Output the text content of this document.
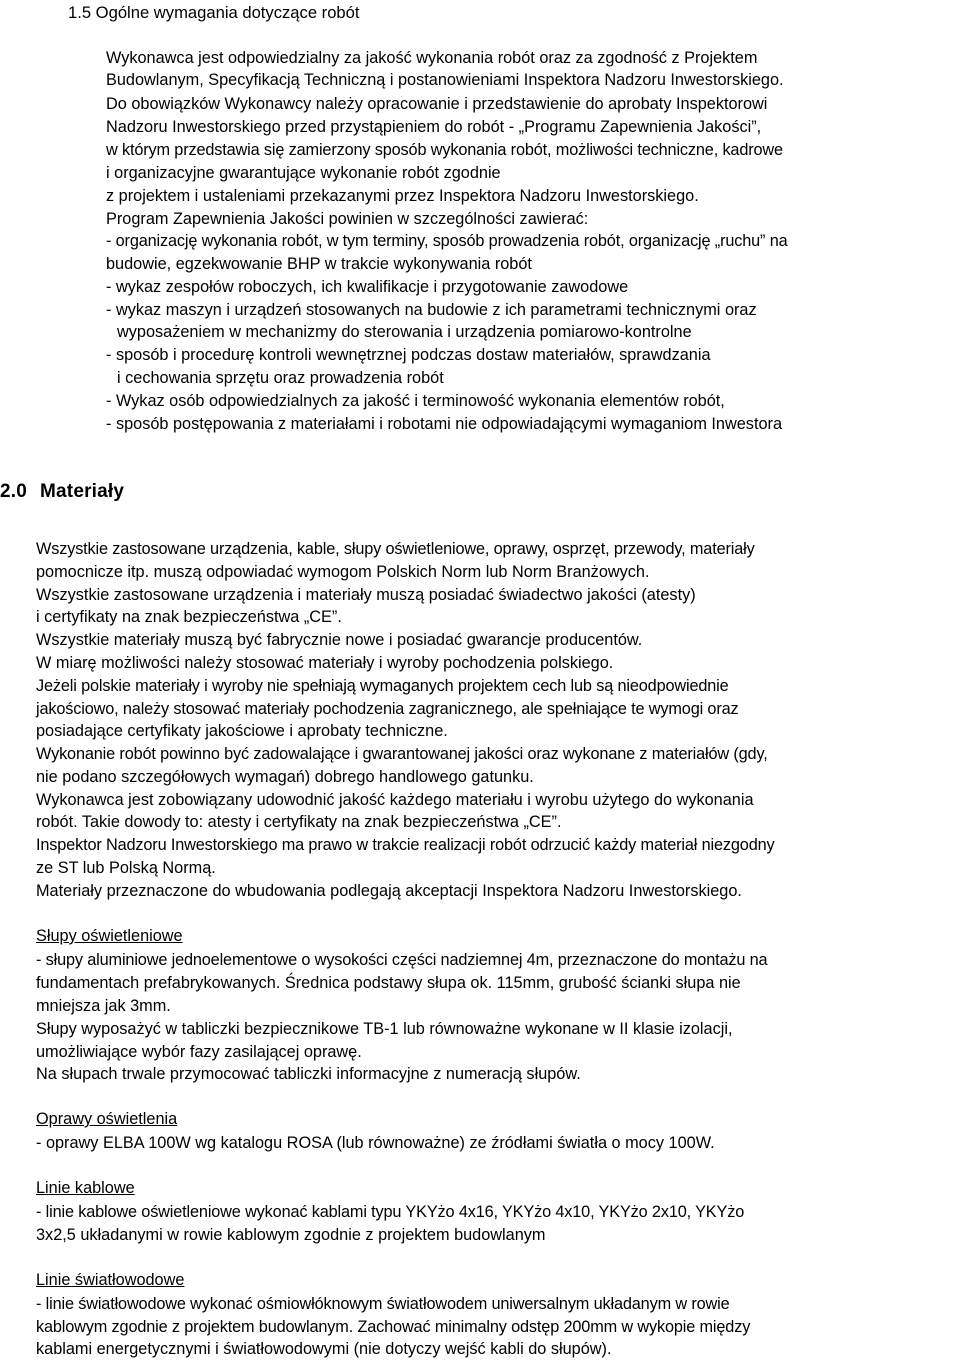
1.5 Ogólne wymagania dotyczące robót
Wykonawca jest odpowiedzialny za jakość wykonania robót oraz za zgodność z Projektem
Budowlanym, Specyfikacją Techniczną i postanowieniami Inspektora Nadzoru Inwestorskiego.
Do obowiązków Wykonawcy należy opracowanie i przedstawienie do aprobaty Inspektorowi
Nadzoru Inwestorskiego przed przystąpieniem do robót - „Programu Zapewnienia Jakości”,
w którym przedstawia się zamierzony sposób wykonania robót, możliwości techniczne, kadrowe
i organizacyjne gwarantujące wykonanie robót zgodnie
z projektem i ustaleniami przekazanymi przez Inspektora Nadzoru Inwestorskiego.
Program Zapewnienia Jakości powinien w szczególności zawierać:
- organizację wykonania robót, w tym terminy, sposób prowadzenia robót, organizację „ruchu” na
budowie, egzekwowanie BHP w trakcie wykonywania robót
- wykaz zespołów roboczych, ich kwalifikacje i przygotowanie zawodowe
- wykaz maszyn i urządzeń stosowanych na budowie z ich parametrami technicznymi oraz
wyposażeniem w mechanizmy do sterowania i urządzenia pomiarowo-kontrolne
- sposób i procedurę kontroli wewnętrznej podczas dostaw materiałów, sprawdzania
i cechowania sprzętu oraz prowadzenia robót
- Wykaz osób odpowiedzialnych za jakość i terminowość wykonania elementów robót,
- sposób postępowania z materiałami i robotami nie odpowiadającymi wymaganiom Inwestora
2.0 Materiały
Wszystkie zastosowane urządzenia, kable, słupy oświetleniowe, oprawy, osprzęt, przewody, materiały
pomocnicze itp. muszą odpowiadać wymogom Polskich Norm lub Norm Branżowych.
Wszystkie zastosowane urządzenia i materiały muszą posiadać świadectwo jakości (atesty)
i certyfikaty na znak bezpieczeństwa „CE”.
Wszystkie materiały muszą być fabrycznie nowe i posiadać gwarancje producentów.
W miarę możliwości należy stosować materiały i wyroby pochodzenia polskiego.
Jeżeli polskie materiały i wyroby nie spełniają wymaganych projektem cech lub są nieodpowiednie
jakościowo, należy stosować materiały pochodzenia zagranicznego, ale spełniające te wymogi oraz
posiadające certyfikaty jakościowe i aprobaty techniczne.
Wykonanie robót powinno być zadowalające i gwarantowanej jakości oraz wykonane z materiałów (gdy,
nie podano szczegółowych wymagań) dobrego handlowego gatunku.
Wykonawca jest zobowiązany udowodnić jakość każdego materiału i wyrobu użytego do wykonania
robót. Takie dowody to: atesty i certyfikaty na znak bezpieczeństwa „CE”.
Inspektor Nadzoru Inwestorskiego ma prawo w trakcie realizacji robót odrzucić każdy materiał niezgodny
ze ST lub Polską Normą.
Materiały przeznaczone do wbudowania podlegają akceptacji Inspektora Nadzoru Inwestorskiego.
Słupy oświetleniowe
- słupy aluminiowe jednoelementowe o wysokości części nadziemnej 4m, przeznaczone do montażu na
fundamentach prefabrykowanych. Średnica podstawy słupa ok. 115mm, grubość ścianki słupa nie
mniejsza jak 3mm.
Słupy wyposażyć w tabliczki bezpiecznikowe TB-1 lub równoważne wykonane w II klasie izolacji,
umożliwiające wybór fazy zasilającej oprawę.
Na słupach trwale przymocować tabliczki informacyjne z numeracją słupów.
Oprawy oświetlenia
- oprawy ELBA 100W wg katalogu ROSA (lub równoważne) ze źródłami światła o mocy 100W.
Linie kablowe
- linie kablowe oświetleniowe wykonać kablami typu YKYżo 4x16, YKYżo 4x10, YKYżo 2x10, YKYżo
3x2,5 układanymi w rowie kablowym zgodnie z projektem budowlanym
Linie światłowodowe
- linie światłowodowe wykonać ośmiowłóknowym światłowodem uniwersalnym układanym w rowie
kablowym zgodnie z projektem budowlanym. Zachować minimalny odstęp 200mm w wykopie między
kablami energetycznymi i światłowodowymi (nie dotyczy wejść kabli do słupów).
